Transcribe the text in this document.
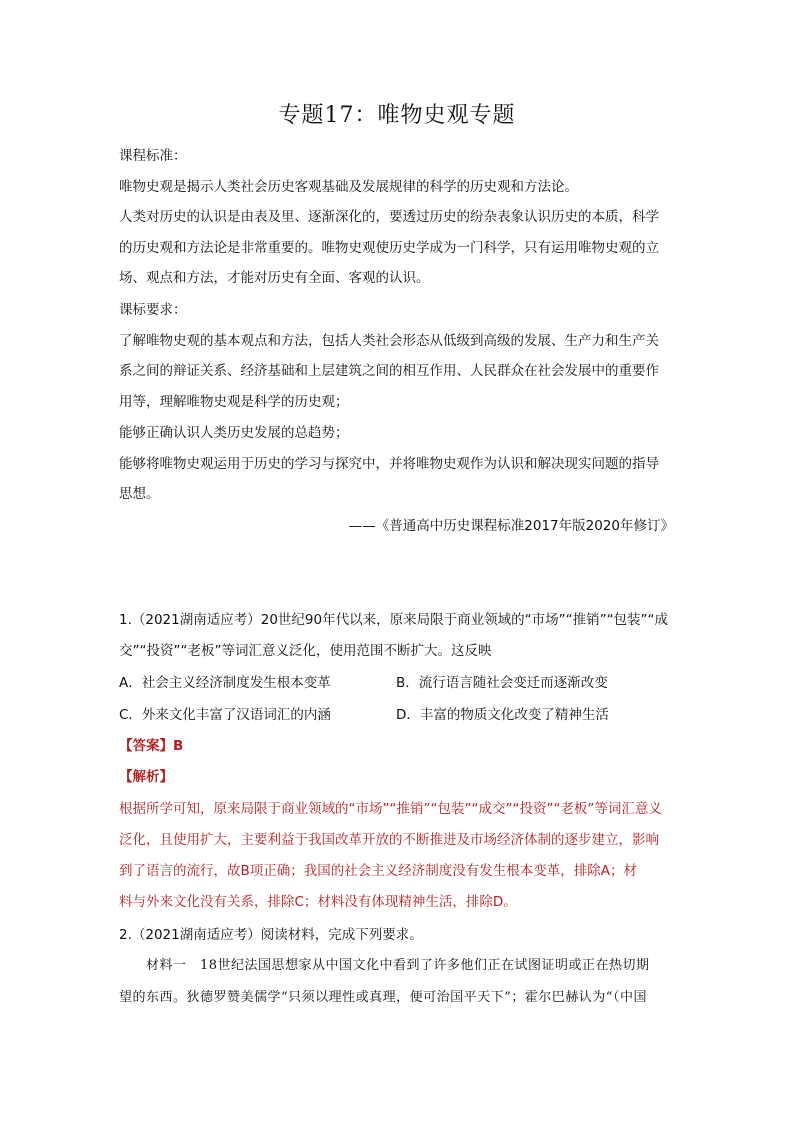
专题17：唯物史观专题
课程标准：
唯物史观是揭示人类社会历史客观基础及发展规律的科学的历史观和方法论。
人类对历史的认识是由表及里、逐渐深化的，要透过历史的纷杂表象认识历史的本质，科学
的历史观和方法论是非常重要的。唯物史观使历史学成为一门科学，只有运用唯物史观的立
场、观点和方法，才能对历史有全面、客观的认识。
课标要求：
了解唯物史观的基本观点和方法，包括人类社会形态从低级到高级的发展、生产力和生产关
系之间的辩证关系、经济基础和上层建筑之间的相互作用、人民群众在社会发展中的重要作
用等，理解唯物史观是科学的历史观；
能够正确认识人类历史发展的总趋势；
能够将唯物史观运用于历史的学习与探究中，并将唯物史观作为认识和解决现实问题的指导
思想。
——《普通高中历史课程标准2017年版2020年修订》
1.（2021湖南适应考）20世纪90年代以来，原来局限于商业领域的“市场”“推销”“包装”“成
交”“投资”“老板”等词汇意义泛化，使用范围不断扩大。这反映
A．社会主义经济制度发生根本变革	B．流行语言随社会变迁而逐渐改变
C．外来文化丰富了汉语词汇的内涵	D．丰富的物质文化改变了精神生活
【答案】B
【解析】
根据所学可知，原来局限于商业领域的“市场”“推销”“包装”“成交”“投资”“老板”等词汇意义
泛化，且使用扩大，主要利益于我国改革开放的不断推进及市场经济体制的逐步建立，影响
到了语言的流行，故B项正确；我国的社会主义经济制度没有发生根本变革，排除A；材
料与外来文化没有关系，排除C；材料没有体现精神生活，排除D。
2.（2021湖南适应考）阅读材料，完成下列要求。
材料一　18世纪法国思想家从中国文化中看到了许多他们正在试图证明或正在热切期
望的东西。狄德罗赞美儒学“只须以理性或真理，便可治国平天下”；霍尔巴赫认为“（中国
